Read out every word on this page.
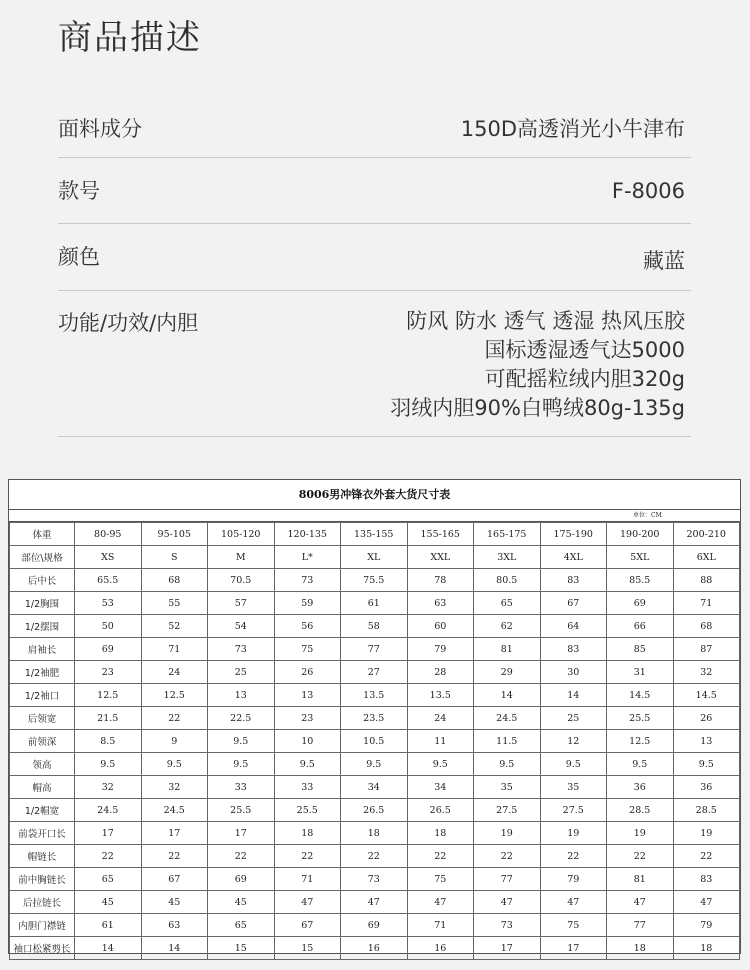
商品描述
面料成分	150D高透消光小牛津布
款号	F-8006
颜色	藏蓝
功能/功效/内胆	防风 防水 透气 透湿 热风压胶
国标透湿透气达5000
可配摇粒绒内胆320g
羽绒内胆90%白鸭绒80g-135g
8006男冲锋衣外套大货尺寸表
单位：CM
体重	80-95	95-105	105-120	120-135	135-155	155-165	165-175	175-190	190-200	200-210
部位\规格	XS	S	M	L*	XL	XXL	3XL	4XL	5XL	6XL
后中长	65.5	68	70.5	73	75.5	78	80.5	83	85.5	88
1/2胸围	53	55	57	59	61	63	65	67	69	71
1/2摆围	50	52	54	56	58	60	62	64	66	68
肩袖长	69	71	73	75	77	79	81	83	85	87
1/2袖肥	23	24	25	26	27	28	29	30	31	32
1/2袖口	12.5	12.5	13	13	13.5	13.5	14	14	14.5	14.5
后领宽	21.5	22	22.5	23	23.5	24	24.5	25	25.5	26
前领深	8.5	9	9.5	10	10.5	11	11.5	12	12.5	13
领高	9.5	9.5	9.5	9.5	9.5	9.5	9.5	9.5	9.5	9.5
帽高	32	32	33	33	34	34	35	35	36	36
1/2帽宽	24.5	24.5	25.5	25.5	26.5	26.5	27.5	27.5	28.5	28.5
前袋开口长	17	17	17	18	18	18	19	19	19	19
帽链长	22	22	22	22	22	22	22	22	22	22
前中胸链长	65	67	69	71	73	75	77	79	81	83
后拉链长	45	45	45	47	47	47	47	47	47	47
内胆门襟链	61	63	65	67	69	71	73	75	77	79
袖口松紧剪长	14	14	15	15	16	16	17	17	18	18
